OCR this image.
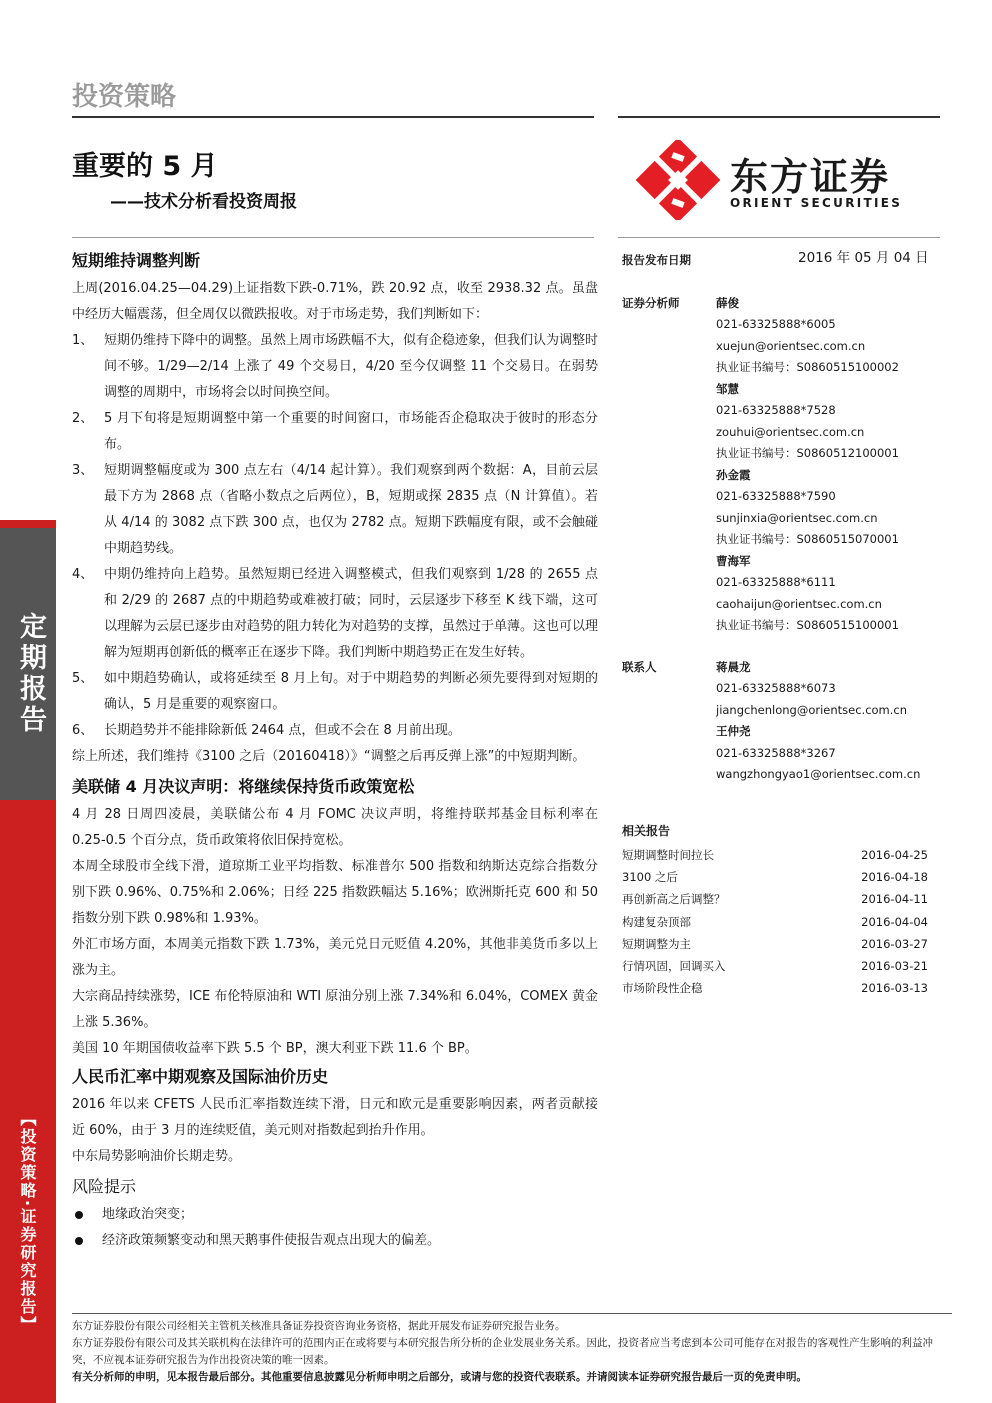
定期报告
【投资策略·证券研究报告】
投资策略
重要的 5 月
——技术分析看投资周报
东方证券
ORIENT SECURITIES
短期维持调整判断

上周(2016.04.25—04.29)上证指数下跌-0.71%，跌 20.92 点，收至 2938.32 点。虽盘中经历大幅震荡，但全周仅以微跌报收。对于市场走势，我们判断如下：

1、 短期仍维持下降中的调整。虽然上周市场跌幅不大，似有企稳迹象，但我们认为调整时间不够。1/29—2/14 上涨了 49 个交易日，4/20 至今仅调整 11 个交易日。在弱势调整的周期中，市场将会以时间换空间。
2、 5 月下旬将是短期调整中第一个重要的时间窗口，市场能否企稳取决于彼时的形态分布。
3、 短期调整幅度或为 300 点左右（4/14 起计算）。我们观察到两个数据：A，目前云层最下方为 2868 点（省略小数点之后两位），B，短期或探 2835 点（N 计算值）。若从 4/14 的 3082 点下跌 300 点，也仅为 2782 点。短期下跌幅度有限，或不会触碰中期趋势线。
4、 中期仍维持向上趋势。虽然短期已经进入调整模式，但我们观察到 1/28 的 2655 点和 2/29 的 2687 点的中期趋势或难被打破；同时，云层逐步下移至 K 线下端，这可以理解为云层已逐步由对趋势的阻力转化为对趋势的支撑，虽然过于单薄。这也可以理解为短期再创新低的概率正在逐步下降。我们判断中期趋势正在发生好转。
5、 如中期趋势确认，或将延续至 8 月上旬。对于中期趋势的判断必须先要得到对短期的确认，5 月是重要的观察窗口。
6、 长期趋势并不能排除新低 2464 点，但或不会在 8 月前出现。

综上所述，我们维持《3100 之后（20160418）》“调整之后再反弹上涨”的中短期判断。

美联储 4 月决议声明：将继续保持货币政策宽松

4 月 28 日周四凌晨，美联储公布 4 月 FOMC 决议声明，将维持联邦基金目标利率在 0.25-0.5 个百分点，货币政策将依旧保持宽松。

本周全球股市全线下滑，道琼斯工业平均指数、标准普尔 500 指数和纳斯达克综合指数分别下跌 0.96%、0.75%和 2.06%；日经 225 指数跌幅达 5.16%；欧洲斯托克 600 和 50 指数分别下跌 0.98%和 1.93%。

外汇市场方面，本周美元指数下跌 1.73%，美元兑日元贬值 4.20%，其他非美货币多以上涨为主。

大宗商品持续涨势，ICE 布伦特原油和 WTI 原油分别上涨 7.34%和 6.04%，COMEX 黄金上涨 5.36%。

美国 10 年期国债收益率下跌 5.5 个 BP，澳大利亚下跌 11.6 个 BP。

人民币汇率中期观察及国际油价历史

2016 年以来 CFETS 人民币汇率指数连续下滑，日元和欧元是重要影响因素，两者贡献接近 60%，由于 3 月的连续贬值，美元则对指数起到抬升作用。

中东局势影响油价长期走势。

风险提示
地缘政治突变；
经济政策频繁变动和黑天鹅事件使报告观点出现大的偏差。
报告发布日期	2016 年 05 月 04 日
证券分析师	薛俊
021-63325888*6005
xuejun@orientsec.com.cn
执业证书编号：S0860515100002
邹慧
021-63325888*7528
zouhui@orientsec.com.cn
执业证书编号：S0860512100001
孙金霞
021-63325888*7590
sunjinxia@orientsec.com.cn
执业证书编号：S0860515070001
曹海军
021-63325888*6111
caohaijun@orientsec.com.cn
执业证书编号：S0860515100001
联系人	蒋晨龙
021-63325888*6073
jiangchenlong@orientsec.com.cn
王仲尧
021-63325888*3267
wangzhongyao1@orientsec.com.cn
相关报告
短期调整时间拉长	2016-04-25
3100 之后	2016-04-18
再创新高之后调整？	2016-04-11
构建复杂顶部	2016-04-04
短期调整为主	2016-03-27
行情巩固，回调买入	2016-03-21
市场阶段性企稳	2016-03-13
东方证券股份有限公司经相关主管机关核准具备证券投资咨询业务资格，据此开展发布证券研究报告业务。
东方证券股份有限公司及其关联机构在法律许可的范围内正在或将要与本研究报告所分析的企业发展业务关系。因此，投资者应当考虑到本公司可能存在对报告的客观性产生影响的利益冲突，不应视本证券研究报告为作出投资决策的唯一因素。
有关分析师的申明，见本报告最后部分。其他重要信息披露见分析师申明之后部分，或请与您的投资代表联系。并请阅读本证券研究报告最后一页的免责申明。
